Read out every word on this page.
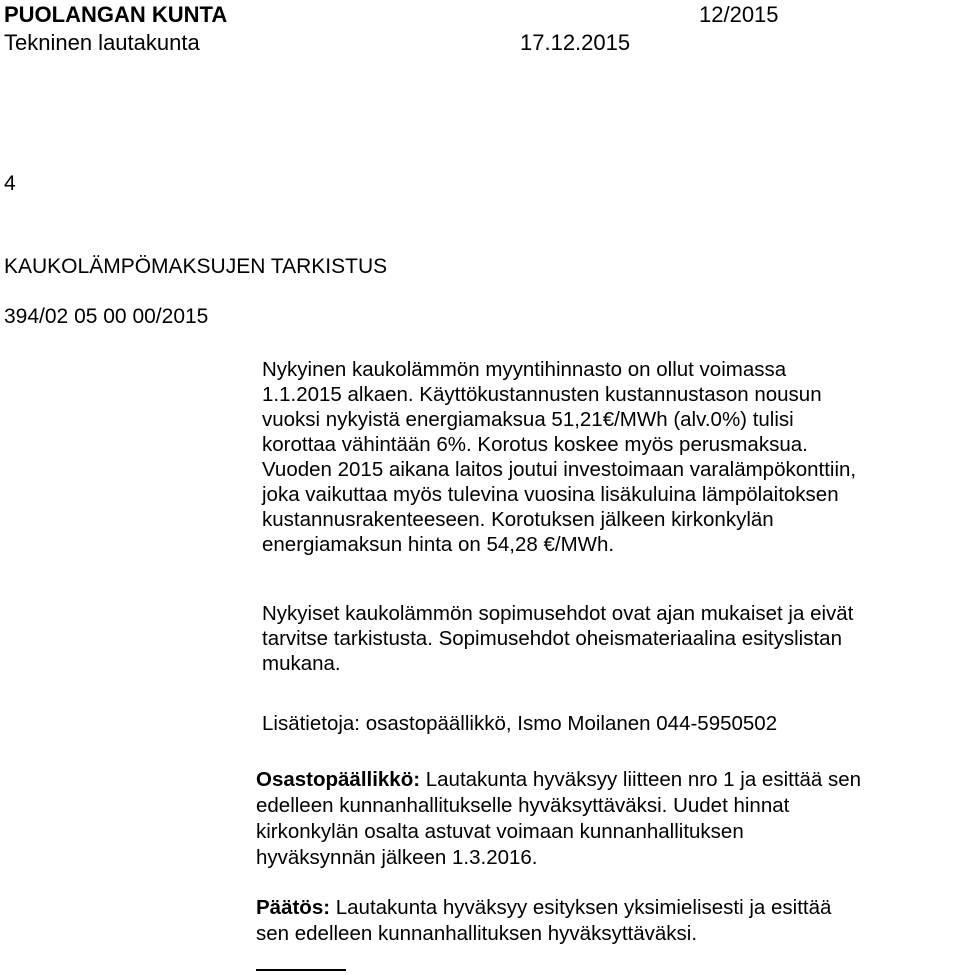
PUOLANGAN KUNTA	12/2015
Tekninen lautakunta	17.12.2015
4
KAUKOLÄMPÖMAKSUJEN TARKISTUS
394/02 05 00 00/2015

Nykyinen kaukolämmön myyntihinnasto on ollut voimassa

1.1.2015 alkaen. Käyttökustannusten kustannustason nousun

vuoksi nykyistä energiamaksua 51,21€/MWh (alv.0%) tulisi

korottaa vähintään 6%. Korotus koskee myös perusmaksua.

Vuoden 2015 aikana laitos joutui investoimaan varalämpökonttiin,

joka vaikuttaa myös tulevina vuosina lisäkuluina lämpölaitoksen

kustannusrakenteeseen. Korotuksen jälkeen kirkonkylän

energiamaksun hinta on 54,28 €/MWh.

Nykyiset kaukolämmön sopimusehdot ovat ajan mukaiset ja eivät

tarvitse tarkistusta. Sopimusehdot oheismateriaalina esityslistan

mukana.

Lisätietoja: osastopäällikkö, Ismo Moilanen 044-5950502

Osastopäällikkö: Lautakunta hyväksyy liitteen nro 1 ja esittää sen

edelleen kunnanhallitukselle hyväksyttäväksi. Uudet hinnat

kirkonkylän osalta astuvat voimaan kunnanhallituksen

hyväksynnän jälkeen 1.3.2016.

Päätös: Lautakunta hyväksyy esityksen yksimielisesti ja esittää

sen edelleen kunnanhallituksen hyväksyttäväksi.
